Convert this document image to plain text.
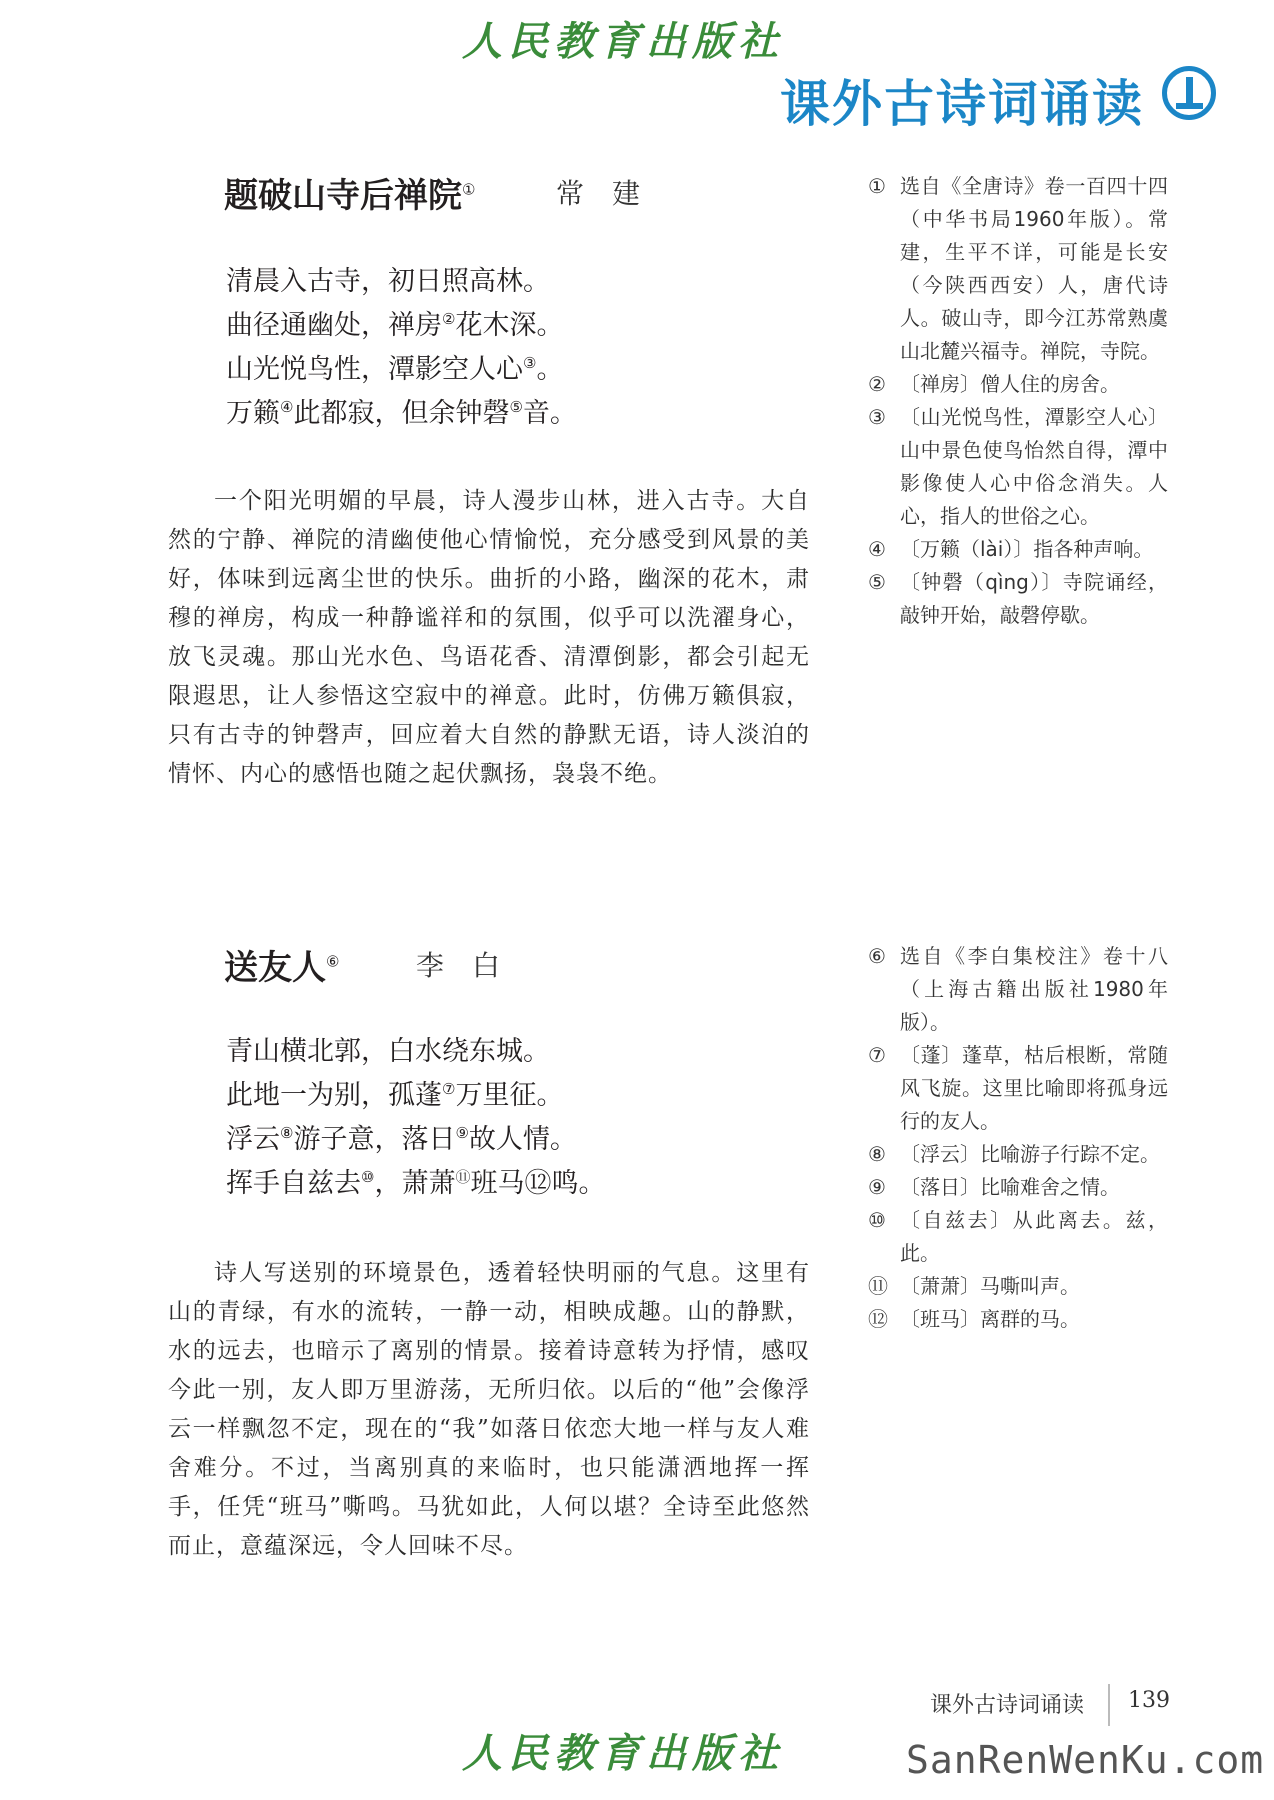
人民教育出版社
课外古诗词诵读
题破山寺后禅院①	常建
清晨入古寺，初日照高林。
曲径通幽处，禅房②花木深。
山光悦鸟性，潭影空人心③。
万籁④此都寂，但余钟磬⑤音。

一个阳光明媚的早晨，诗人漫步山林，进入古寺。大自然的宁静、禅院的清幽使他心情愉悦，充分感受到风景的美好，体味到远离尘世的快乐。曲折的小路，幽深的花木，肃穆的禅房，构成一种静谧祥和的氛围，似乎可以洗濯身心，放飞灵魂。那山光水色、鸟语花香、清潭倒影，都会引起无限遐思，让人参悟这空寂中的禅意。此时，仿佛万籁俱寂，只有古寺的钟磬声，回应着大自然的静默无语，诗人淡泊的情怀、内心的感悟也随之起伏飘扬，袅袅不绝。

① 选自《全唐诗》卷一百四十四（中华书局1960年版）。常建，生平不详，可能是长安（今陕西西安）人，唐代诗人。破山寺，即今江苏常熟虞山北麓兴福寺。禅院，寺院。
② 〔禅房〕僧人住的房舍。
③ 〔山光悦鸟性，潭影空人心〕山中景色使鸟怡然自得，潭中影像使人心中俗念消失。人心，指人的世俗之心。
④ 〔万籁（lài）〕指各种声响。
⑤ 〔钟磬（qìng）〕寺院诵经，敲钟开始，敲磬停歇。
送友人⑥	李白
青山横北郭，白水绕东城。
此地一为别，孤蓬⑦万里征。
浮云⑧游子意，落日⑨故人情。
挥手自兹去⑩，萧萧⑪班马⑫鸣。

诗人写送别的环境景色，透着轻快明丽的气息。这里有山的青绿，有水的流转，一静一动，相映成趣。山的静默，水的远去，也暗示了离别的情景。接着诗意转为抒情，感叹今此一别，友人即万里游荡，无所归依。以后的“他”会像浮云一样飘忽不定，现在的“我”如落日依恋大地一样与友人难舍难分。不过，当离别真的来临时，也只能潇洒地挥一挥手，任凭“班马”嘶鸣。马犹如此，人何以堪？全诗至此悠然而止，意蕴深远，令人回味不尽。

⑥ 选自《李白集校注》卷十八（上海古籍出版社1980年版）。
⑦ 〔蓬〕蓬草，枯后根断，常随风飞旋。这里比喻即将孤身远行的友人。
⑧ 〔浮云〕比喻游子行踪不定。
⑨ 〔落日〕比喻难舍之情。
⑩ 〔自兹去〕从此离去。兹，此。
⑪ 〔萧萧〕马嘶叫声。
⑫ 〔班马〕离群的马。
课外古诗词诵读 139
人民教育出版社	SanRenWenKu.com
